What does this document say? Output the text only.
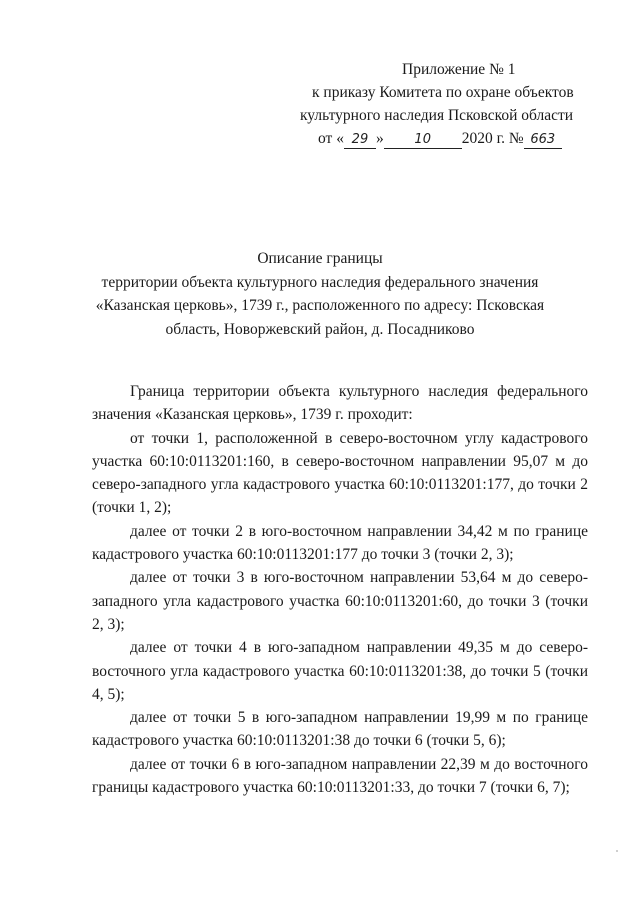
Приложение № 1
к приказу Комитета по охране объектов
культурного наследия Псковской области
от « 29 » 10 2020 г. № 663
Описание границы
территории объекта культурного наследия федерального значения
«Казанская церковь», 1739 г., расположенного по адресу: Псковская
область, Новоржевский район, д. Посадниково

Граница территории объекта культурного наследия федерального значения «Казанская церковь», 1739 г. проходит:

от точки 1, расположенной в северо-восточном углу кадастрового участка 60:10:0113201:160, в северо-восточном направлении 95,07 м до северо-западного угла кадастрового участка 60:10:0113201:177, до точки 2 (точки 1, 2);

далее от точки 2 в юго-восточном направлении 34,42 м по границе кадастрового участка 60:10:0113201:177 до точки 3 (точки 2, 3);

далее от точки 3 в юго-восточном направлении 53,64 м до северо-западного угла кадастрового участка 60:10:0113201:60, до точки 3 (точки 2, 3);

далее от точки 4 в юго-западном направлении 49,35 м до северо-восточного угла кадастрового участка 60:10:0113201:38, до точки 5 (точки 4, 5);

далее от точки 5 в юго-западном направлении 19,99 м по границе кадастрового участка 60:10:0113201:38 до точки 6 (точки 5, 6);

далее от точки 6 в юго-западном направлении 22,39 м до восточного границы кадастрового участка 60:10:0113201:33, до точки 7 (точки 6, 7);
